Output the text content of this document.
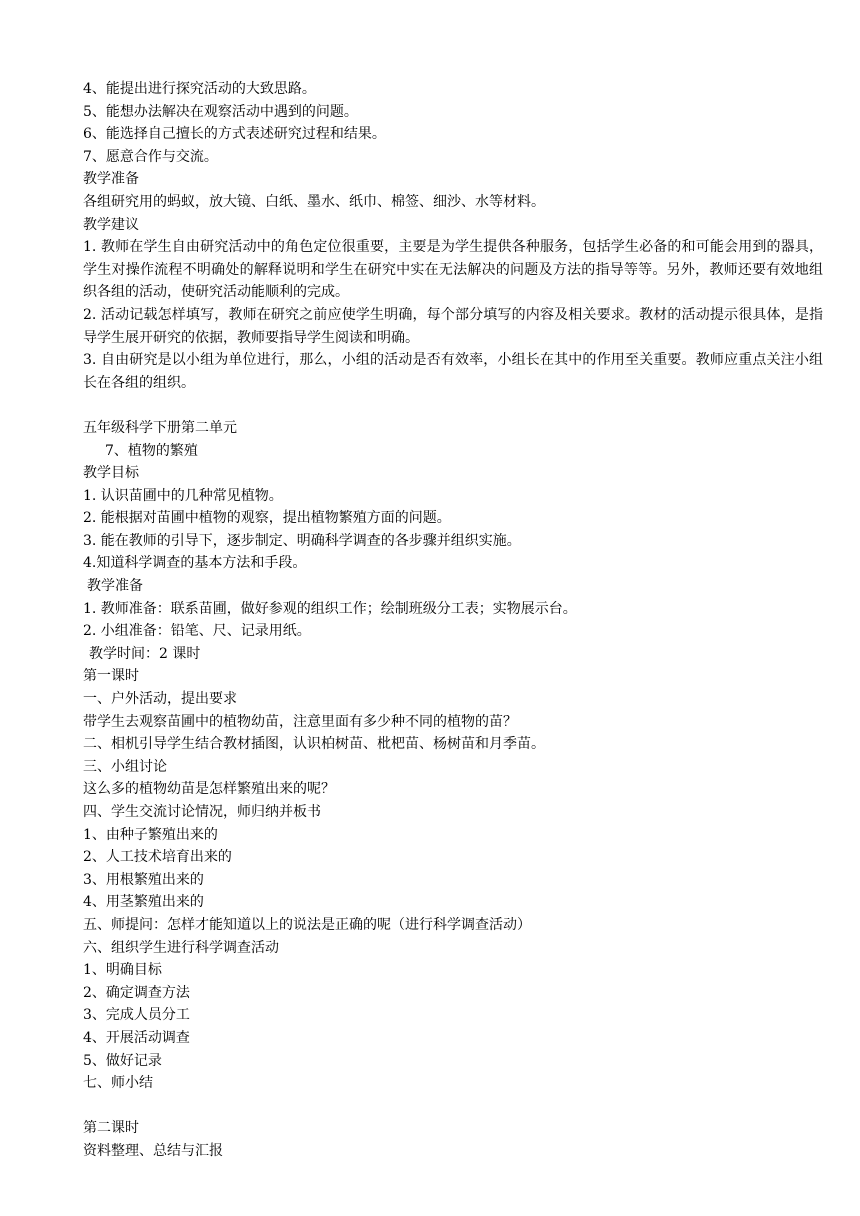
4、能提出进行探究活动的大致思路。
5、能想办法解决在观察活动中遇到的问题。
6、能选择自己擅长的方式表述研究过程和结果。
7、愿意合作与交流。
教学准备
各组研究用的蚂蚁，放大镜、白纸、墨水、纸巾、棉签、细沙、水等材料。
教学建议
1. 教师在学生自由研究活动中的角色定位很重要，主要是为学生提供各种服务，包括学生必备的和可能会用到的器具，学生对操作流程不明确处的解释说明和学生在研究中实在无法解决的问题及方法的指导等等。另外，教师还要有效地组织各组的活动，使研究活动能顺利的完成。
2. 活动记载怎样填写，教师在研究之前应使学生明确，每个部分填写的内容及相关要求。教材的活动提示很具体，是指导学生展开研究的依据，教师要指导学生阅读和明确。
3. 自由研究是以小组为单位进行，那么，小组的活动是否有效率，小组长在其中的作用至关重要。教师应重点关注小组长在各组的组织。
五年级科学下册第二单元
7、植物的繁殖
教学目标
1. 认识苗圃中的几种常见植物。
2. 能根据对苗圃中植物的观察，提出植物繁殖方面的问题。
3. 能在教师的引导下，逐步制定、明确科学调查的各步骤并组织实施。
4.知道科学调查的基本方法和手段。
教学准备
1. 教师准备：联系苗圃，做好参观的组织工作；绘制班级分工表；实物展示台。
2. 小组准备：铅笔、尺、记录用纸。
教学时间：2 课时
第一课时
一、户外活动，提出要求
带学生去观察苗圃中的植物幼苗，注意里面有多少种不同的植物的苗？
二、相机引导学生结合教材插图，认识柏树苗、枇杷苗、杨树苗和月季苗。
三、小组讨论
这么多的植物幼苗是怎样繁殖出来的呢？
四、学生交流讨论情况，师归纳并板书
1、由种子繁殖出来的
2、人工技术培育出来的
3、用根繁殖出来的
4、用茎繁殖出来的
五、师提问：怎样才能知道以上的说法是正确的呢（进行科学调查活动）
六、组织学生进行科学调查活动
1、明确目标
2、确定调查方法
3、完成人员分工
4、开展活动调查
5、做好记录
七、师小结
第二课时
资料整理、总结与汇报
